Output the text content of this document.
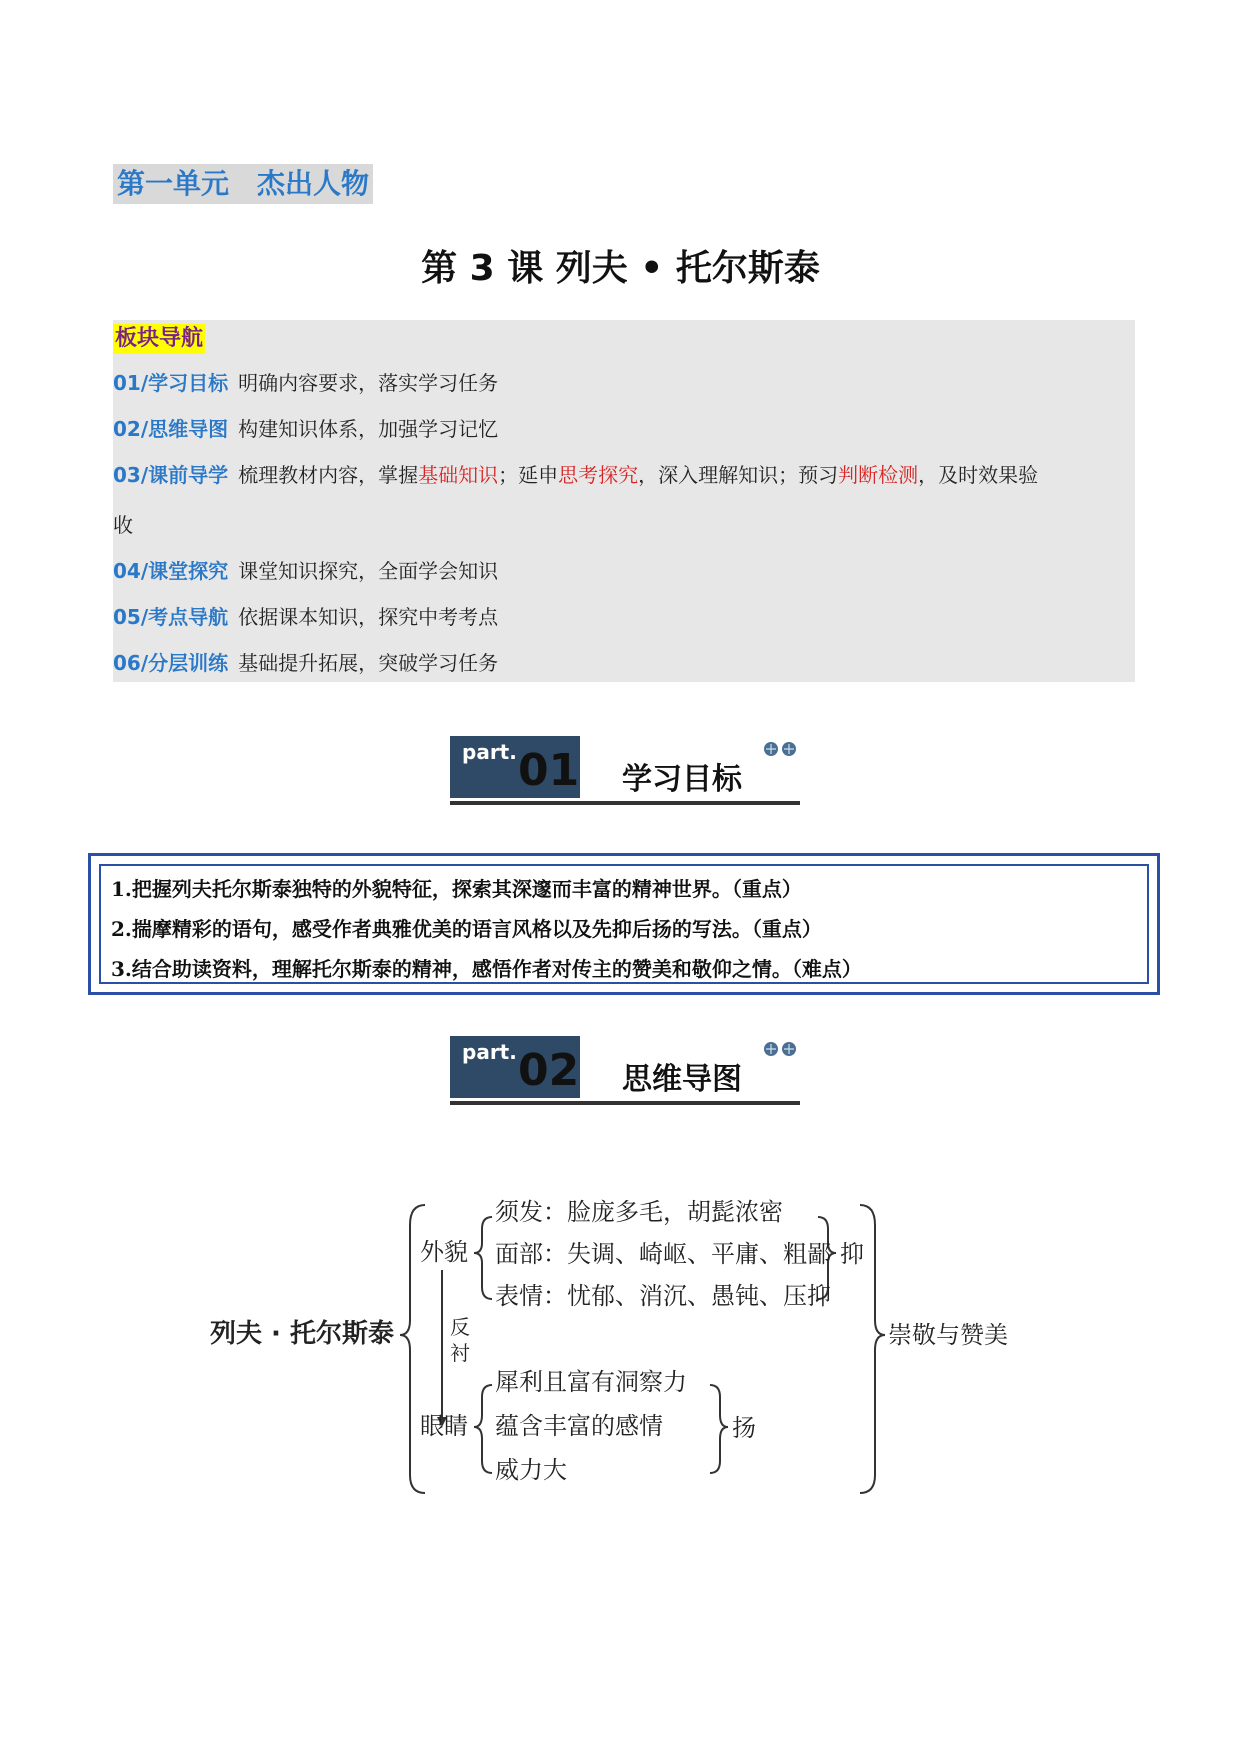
第一单元　杰出人物
第 3 课 列夫 • 托尔斯泰
板块导航
01/学习目标 明确内容要求，落实学习任务
02/思维导图 构建知识体系，加强学习记忆
03/课前导学 梳理教材内容，掌握基础知识；延申思考探究，深入理解知识；预习判断检测，及时效果验
收
04/课堂探究 课堂知识探究，全面学会知识
05/考点导航 依据课本知识，探究中考考点
06/分层训练 基础提升拓展，突破学习任务
part. 01 学习目标
1.把握列夫托尔斯泰独特的外貌特征，探索其深邃而丰富的精神世界。（重点）
2.揣摩精彩的语句，感受作者典雅优美的语言风格以及先抑后扬的写法。（重点）
3.结合助读资料，理解托尔斯泰的精神，感悟作者对传主的赞美和敬仰之情。（难点）
part. 02 思维导图
列夫 · 托尔斯泰
外貌
须发：脸庞多毛，胡髭浓密
面部：失调、崎岖、平庸、粗鄙
表情：忧郁、消沉、愚钝、压抑
抑
反
衬
眼睛
犀利且富有洞察力
蕴含丰富的感情
威力大
扬
崇敬与赞美
